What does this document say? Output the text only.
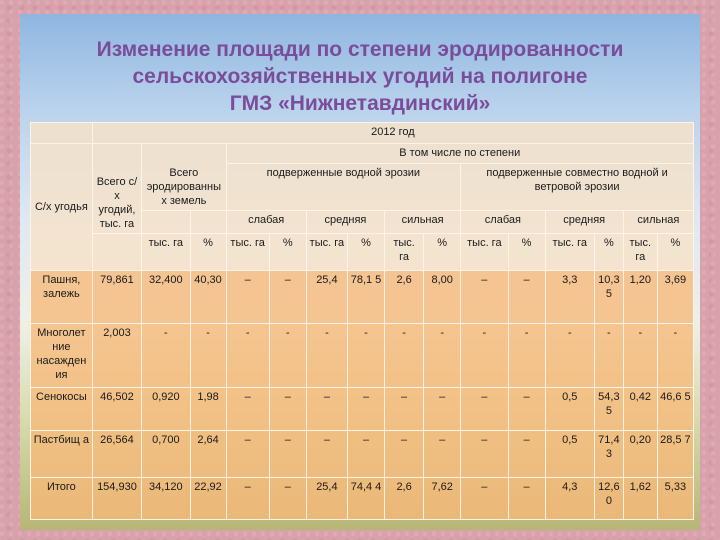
Изменение площади по степени эродированности
сельскохозяйственных угодий на полигоне
ГМЗ «Нижнетавдинский»
	2012 год														
С/х угодья	Всего с/х угодий, тыс. га	Всего эродированных земель		В том числе по степени											
				подверженные водной эрозии						подверженные совместно водной и ветровой эрозии					
				слабая		средняя		сильная		слабая		средняя		сильная	
		тыс. га	%	тыс. га	%	тыс. га	%	тыс. га	%	тыс. га	%	тыс. га	%	тыс. га	%
Пашня, залежь	79,861	32,400	40,30	–	–	25,4	78,1 5	2,6	8,00	–	–	3,3	10,3 5	1,20	3,69
Многолет ние насажден ия	2,003	-	-	-	-	-	-	-	-	-	-	-	-	-	-
Сенокосы	46,502	0,920	1,98	–	–	–	–	–	–	–	–	0,5	54,3 5	0,42	46,6 5
Пастбищ а	26,564	0,700	2,64	–	–	–	–	–	–	–	–	0,5	71,4 3	0,20	28,5 7
Итого	154,930	34,120	22,92	–	–	25,4	74,4 4	2,6	7,62	–	–	4,3	12,6 0	1,62	5,33
